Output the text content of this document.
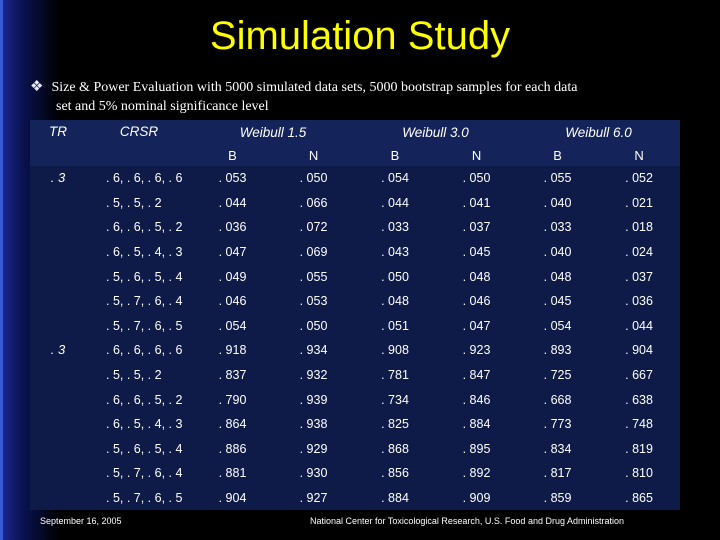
Simulation Study
❖ Size & Power Evaluation with 5000 simulated data sets, 5000 bootstrap samples for each data
set and 5% nominal significance level
TR	CRSR	Weibull 1.5		Weibull 3.0		Weibull 6.0	
		B	N	B	N	B	N
. 3	. 6, . 6, . 6, . 6	. 053	. 050	. 054	. 050	. 055	. 052
	. 5, . 5, . 2	. 044	. 066	. 044	. 041	. 040	. 021
	. 6, . 6, . 5, . 2	. 036	. 072	. 033	. 037	. 033	. 018
	. 6, . 5, . 4, . 3	. 047	. 069	. 043	. 045	. 040	. 024
	. 5, . 6, . 5, . 4	. 049	. 055	. 050	. 048	. 048	. 037
	. 5, . 7, . 6, . 4	. 046	. 053	. 048	. 046	. 045	. 036
	. 5, . 7, . 6, . 5	. 054	. 050	. 051	. 047	. 054	. 044
. 3	. 6, . 6, . 6, . 6	. 918	. 934	. 908	. 923	. 893	. 904
	. 5, . 5, . 2	. 837	. 932	. 781	. 847	. 725	. 667
	. 6, . 6, . 5, . 2	. 790	. 939	. 734	. 846	. 668	. 638
	. 6, . 5, . 4, . 3	. 864	. 938	. 825	. 884	. 773	. 748
	. 5, . 6, . 5, . 4	. 886	. 929	. 868	. 895	. 834	. 819
	. 5, . 7, . 6, . 4	. 881	. 930	. 856	. 892	. 817	. 810
	. 5, . 7, . 6, . 5	. 904	. 927	. 884	. 909	. 859	. 865
September 16, 2005	National Center for Toxicological Research, U.S. Food and Drug Administration
